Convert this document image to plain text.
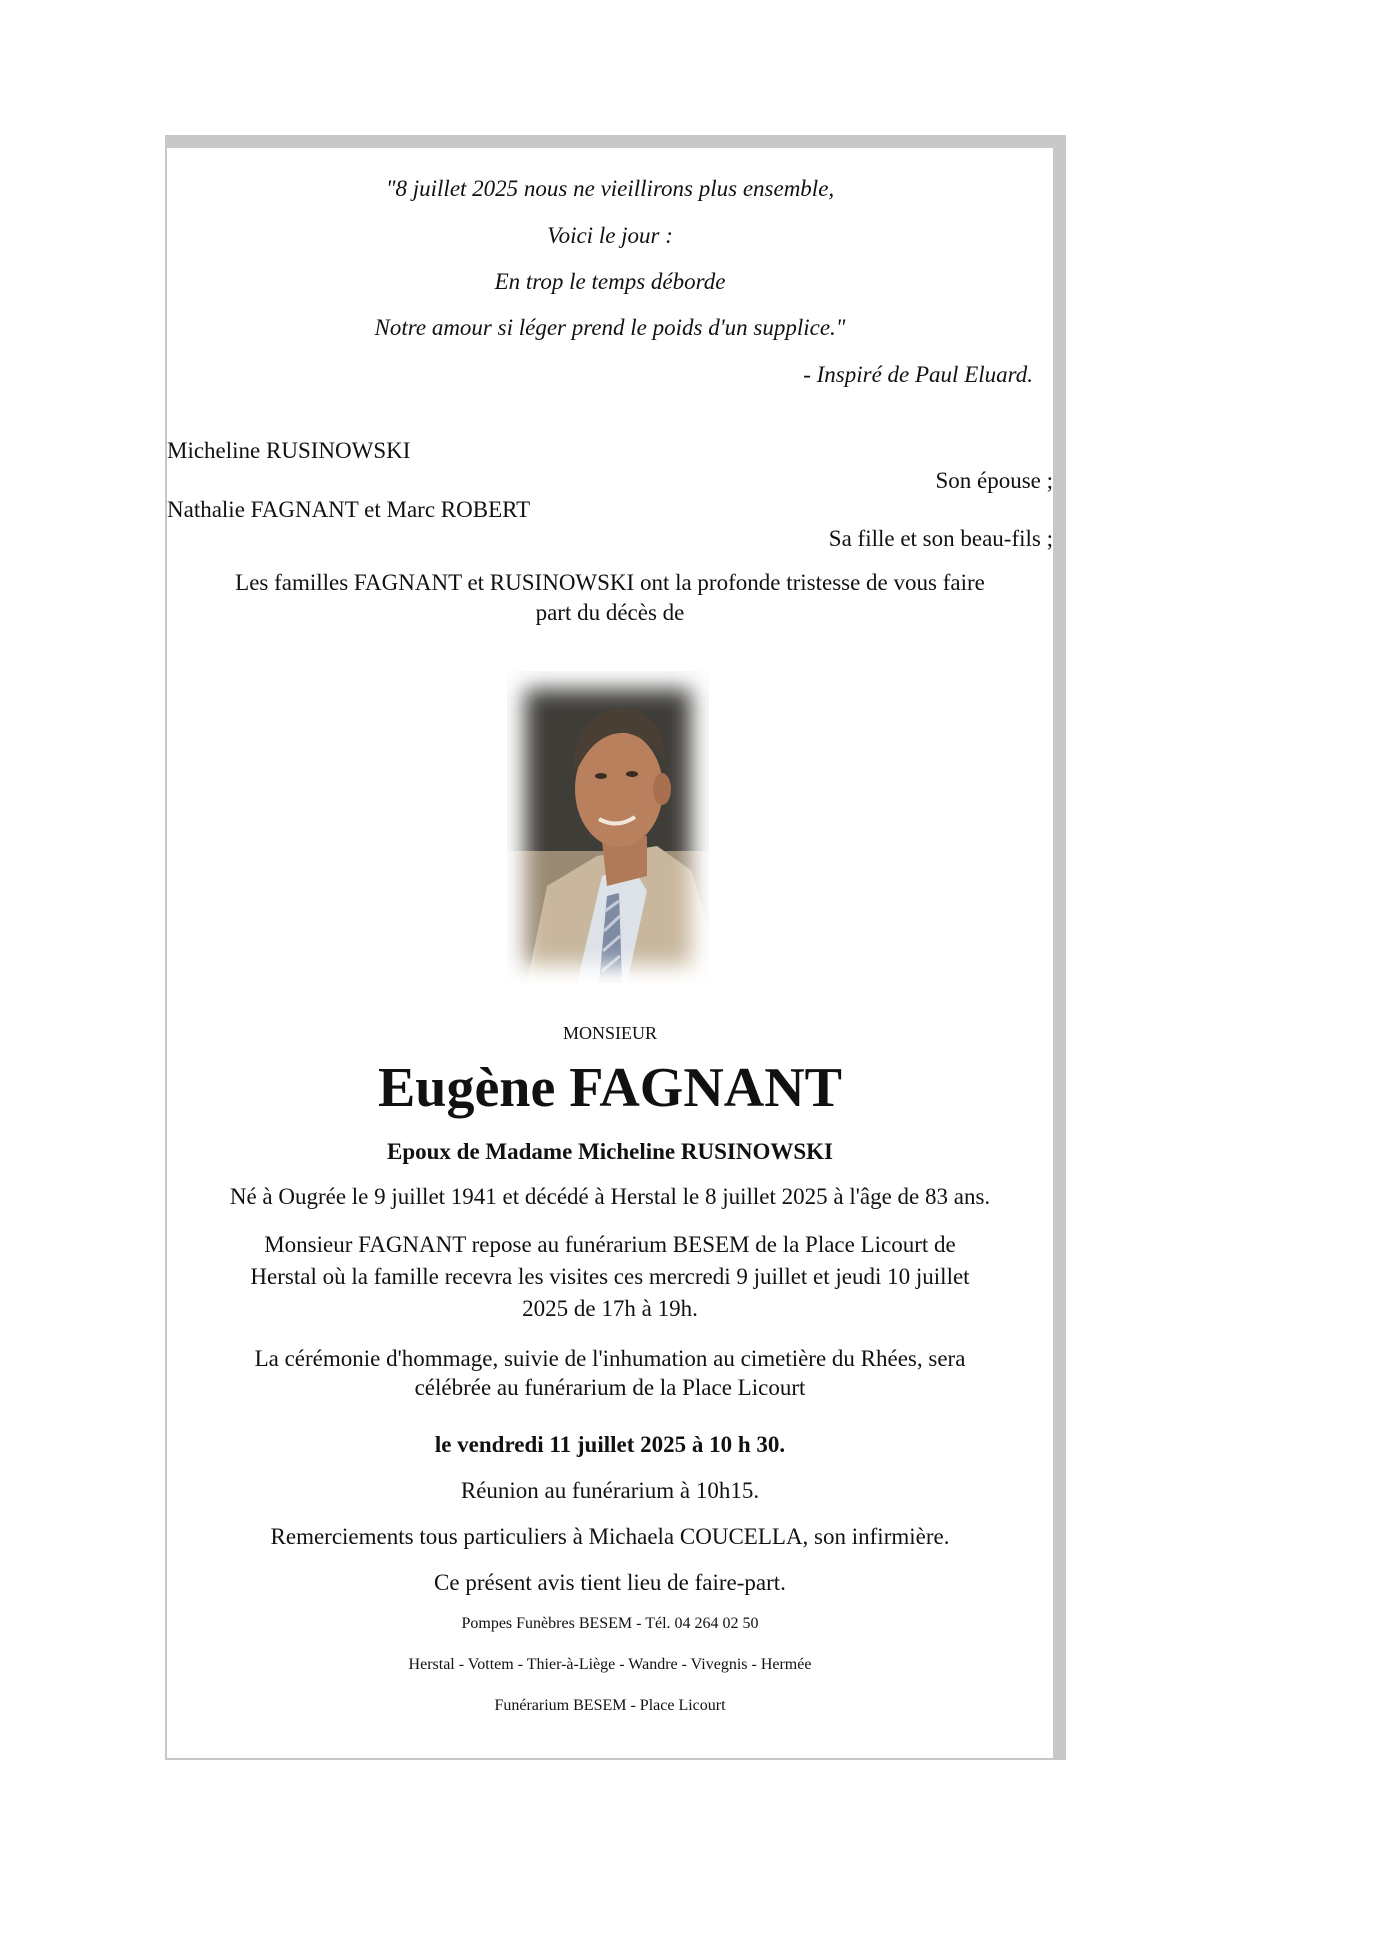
"8 juillet 2025 nous ne vieillirons plus ensemble,
Voici le jour :
En trop le temps déborde
Notre amour si léger prend le poids d'un supplice."
- Inspiré de Paul Eluard.
Micheline RUSINOWSKI
Son épouse ;
Nathalie FAGNANT et Marc ROBERT
Sa fille et son beau-fils ;
Les familles FAGNANT et RUSINOWSKI ont la profonde tristesse de vous faire
part du décès de
MONSIEUR
Eugène FAGNANT
Epoux de Madame Micheline RUSINOWSKI
Né à Ougrée le 9 juillet 1941 et décédé à Herstal le 8 juillet 2025 à l'âge de 83 ans.
Monsieur FAGNANT repose au funérarium BESEM de la Place Licourt de
Herstal où la famille recevra les visites ces mercredi 9 juillet et jeudi 10 juillet
2025 de 17h à 19h.
La cérémonie d'hommage, suivie de l'inhumation au cimetière du Rhées, sera
célébrée au funérarium de la Place Licourt
le vendredi 11 juillet 2025 à 10 h 30.
Réunion au funérarium à 10h15.
Remerciements tous particuliers à Michaela COUCELLA, son infirmière.
Ce présent avis tient lieu de faire-part.
Pompes Funèbres BESEM - Tél. 04 264 02 50
Herstal - Vottem - Thier-à-Liège - Wandre - Vivegnis - Hermée
Funérarium BESEM - Place Licourt
